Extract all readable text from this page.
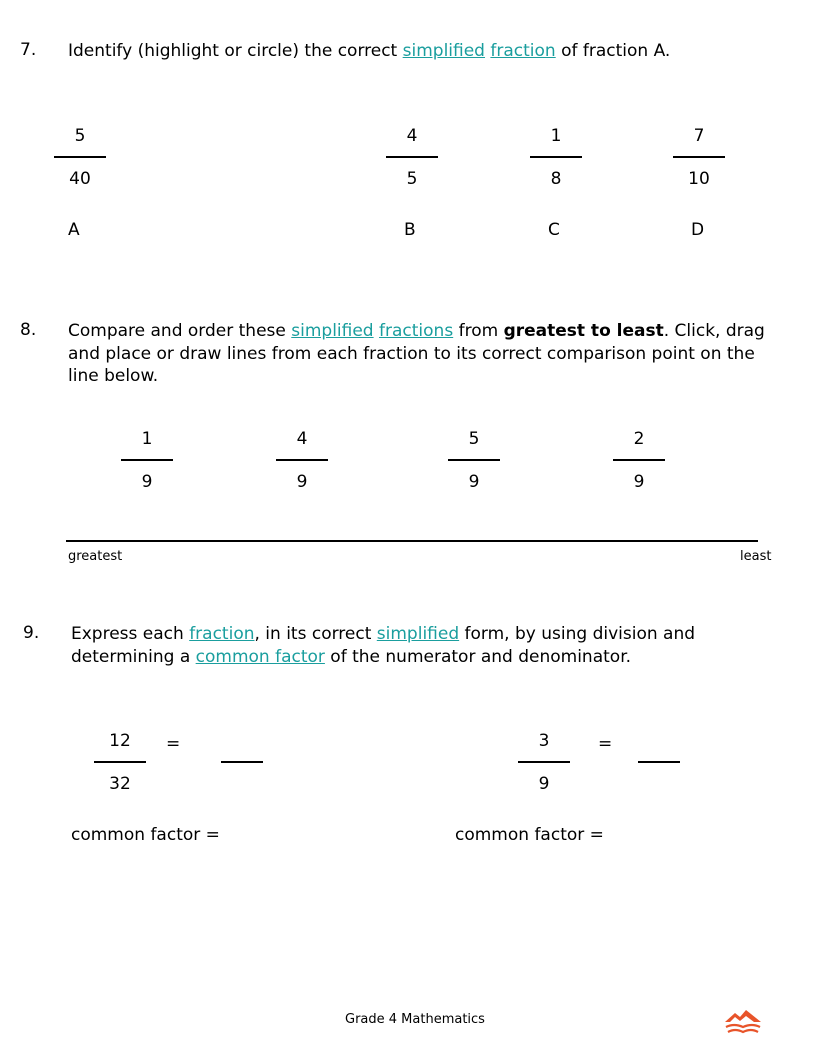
7. Identify (highlight or circle) the correct simplified fraction of fraction A.
5
40
A
4
5
B
1
8
C
7
10
D
8. Compare and order these simplified fractions from greatest to least. Click, drag
and place or draw lines from each fraction to its correct comparison point on the
line below.
1
9
4
9
5
9
2
9
greatest	least
9. Express each fraction, in its correct simplified form, by using division and
determining a common factor of the numerator and denominator.
12
32
=
common factor =
3
9
=
common factor =
Grade 4 Mathematics
